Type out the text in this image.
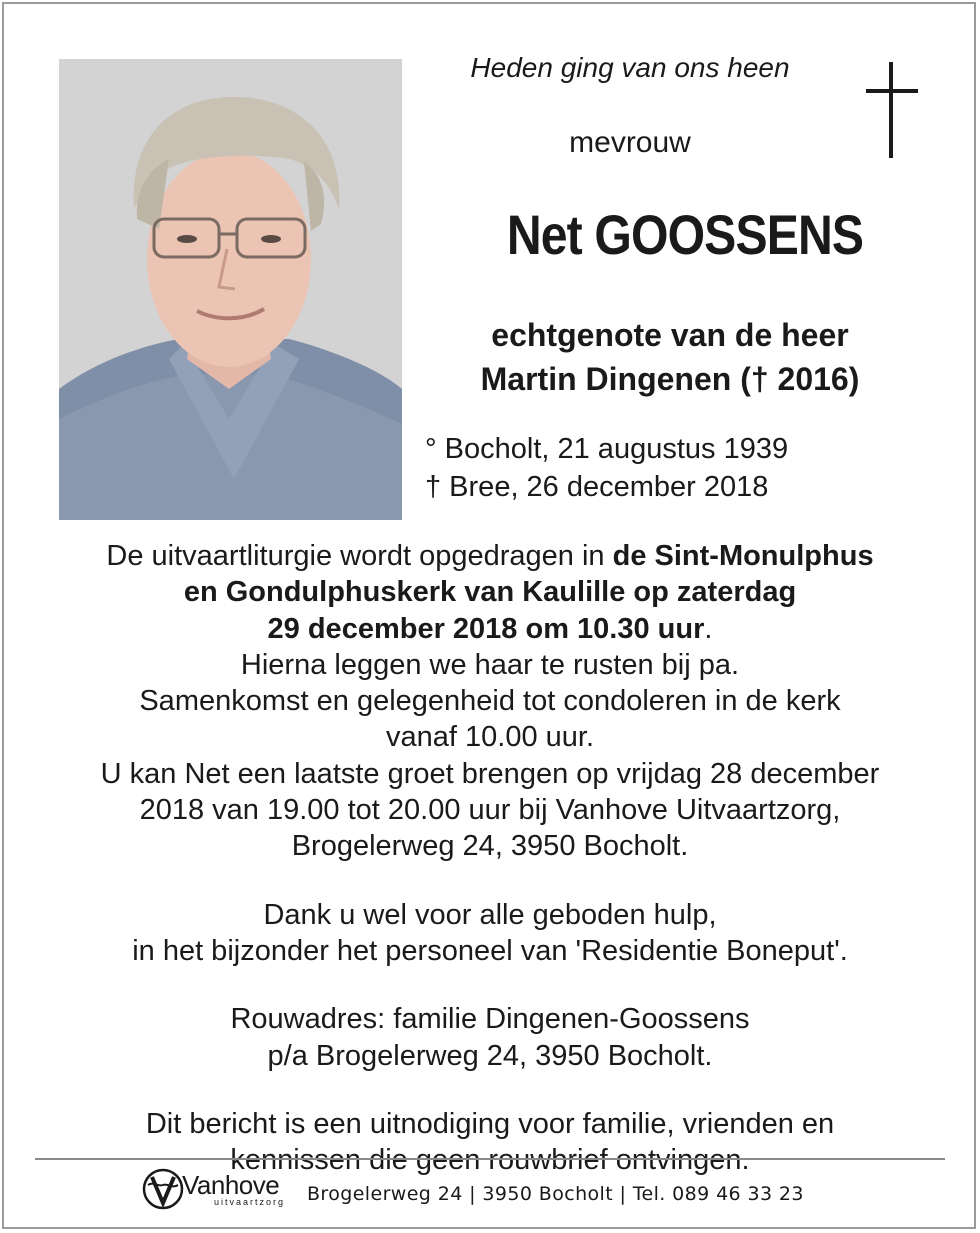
Heden ging van ons heen
mevrouw
Net GOOSSENS
echtgenote van de heer
Martin Dingenen († 2016)
° Bocholt, 21 augustus 1939
† Bree, 26 december 2018
De uitvaartliturgie wordt opgedragen in de Sint-Monulphus
en Gondulphuskerk van Kaulille op zaterdag
29 december 2018 om 10.30 uur.
Hierna leggen we haar te rusten bij pa.
Samenkomst en gelegenheid tot condoleren in de kerk
vanaf 10.00 uur.
U kan Net een laatste groet brengen op vrijdag 28 december
2018 van 19.00 tot 20.00 uur bij Vanhove Uitvaartzorg,
Brogelerweg 24, 3950 Bocholt.
Dank u wel voor alle geboden hulp,
in het bijzonder het personeel van 'Residentie Boneput'.
Rouwadres: familie Dingenen-Goossens
p/a Brogelerweg 24, 3950 Bocholt.
Dit bericht is een uitnodiging voor familie, vrienden en
kennissen die geen rouwbrief ontvingen.
Vanhove
uitvaartzorg Brogelerweg 24 | 3950 Bocholt | Tel. 089 46 33 23
